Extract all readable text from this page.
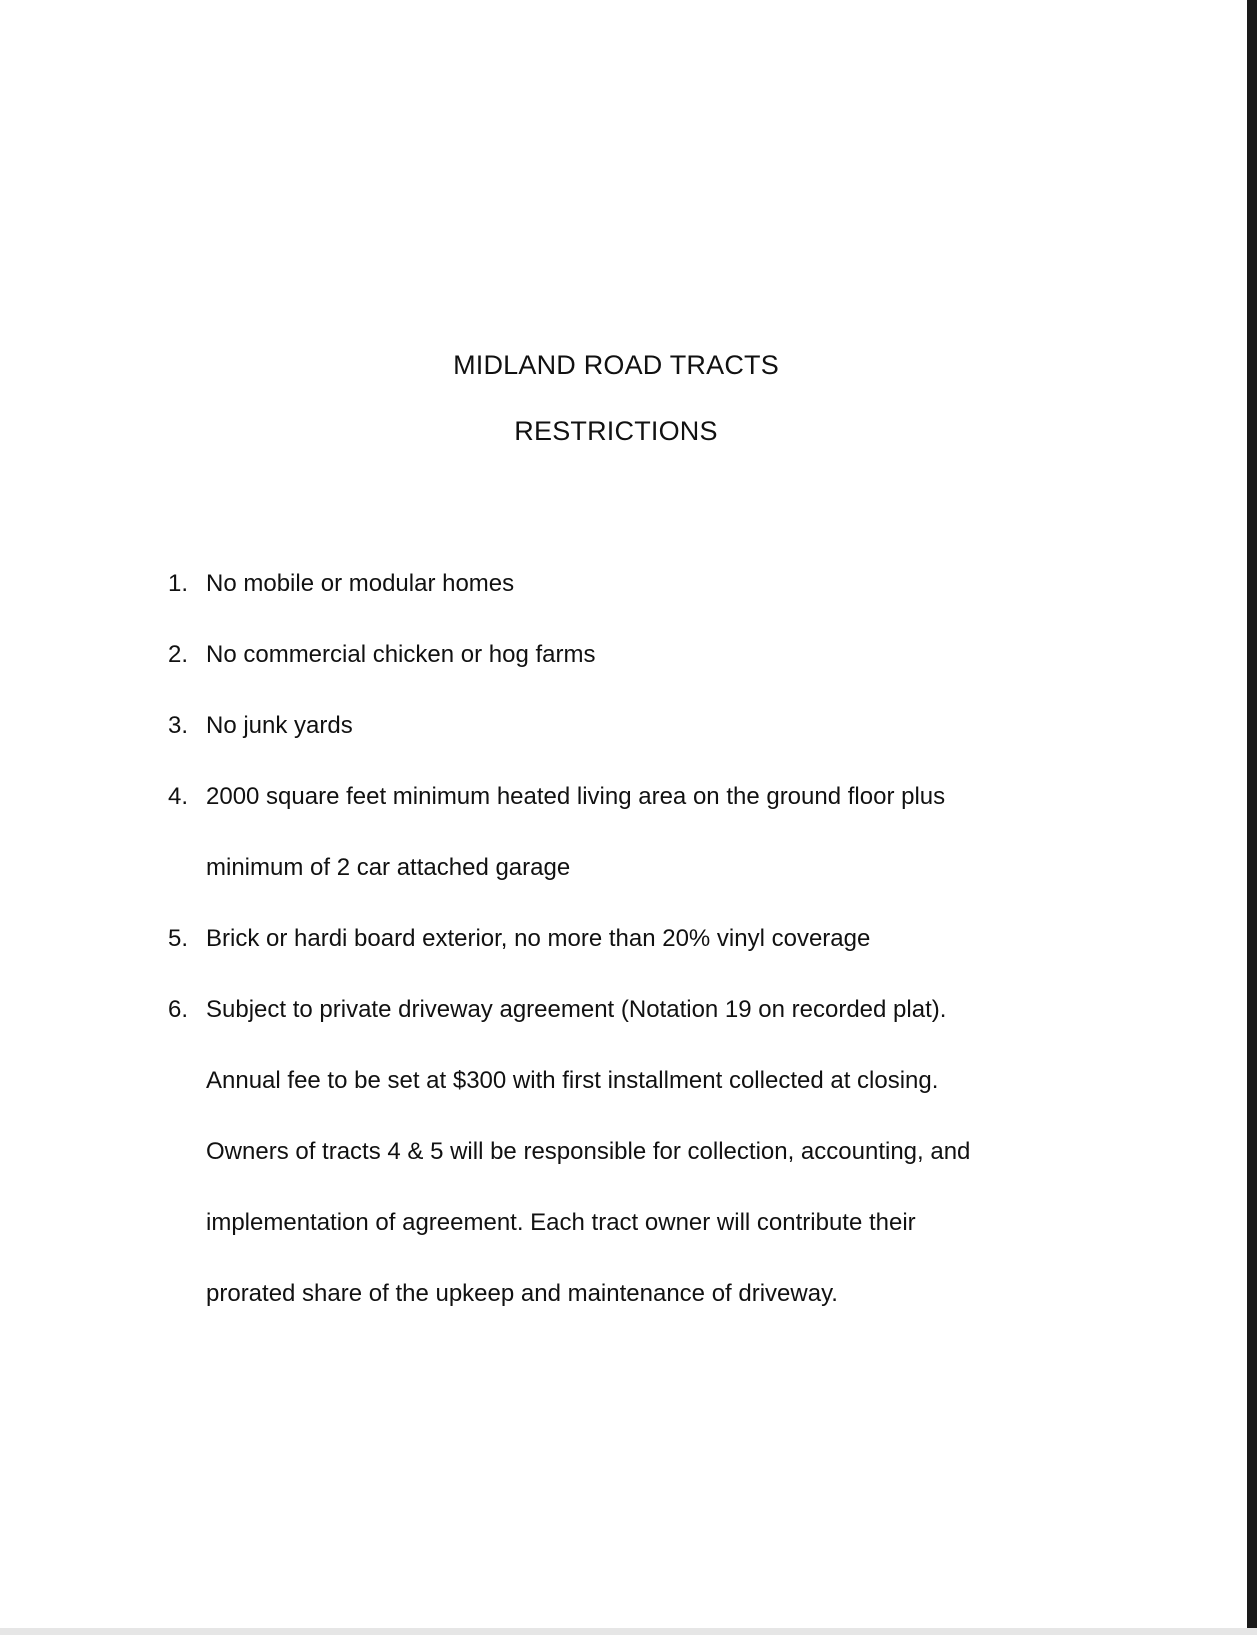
MIDLAND ROAD TRACTS
RESTRICTIONS
1. No mobile or modular homes
2. No commercial chicken or hog farms
3. No junk yards
4. 2000 square feet minimum heated living area on the ground floor plus
minimum of 2 car attached garage
5. Brick or hardi board exterior, no more than 20% vinyl coverage
6. Subject to private driveway agreement (Notation 19 on recorded plat).
Annual fee to be set at $300 with first installment collected at closing.
Owners of tracts 4 & 5 will be responsible for collection, accounting, and
implementation of agreement. Each tract owner will contribute their
prorated share of the upkeep and maintenance of driveway.
